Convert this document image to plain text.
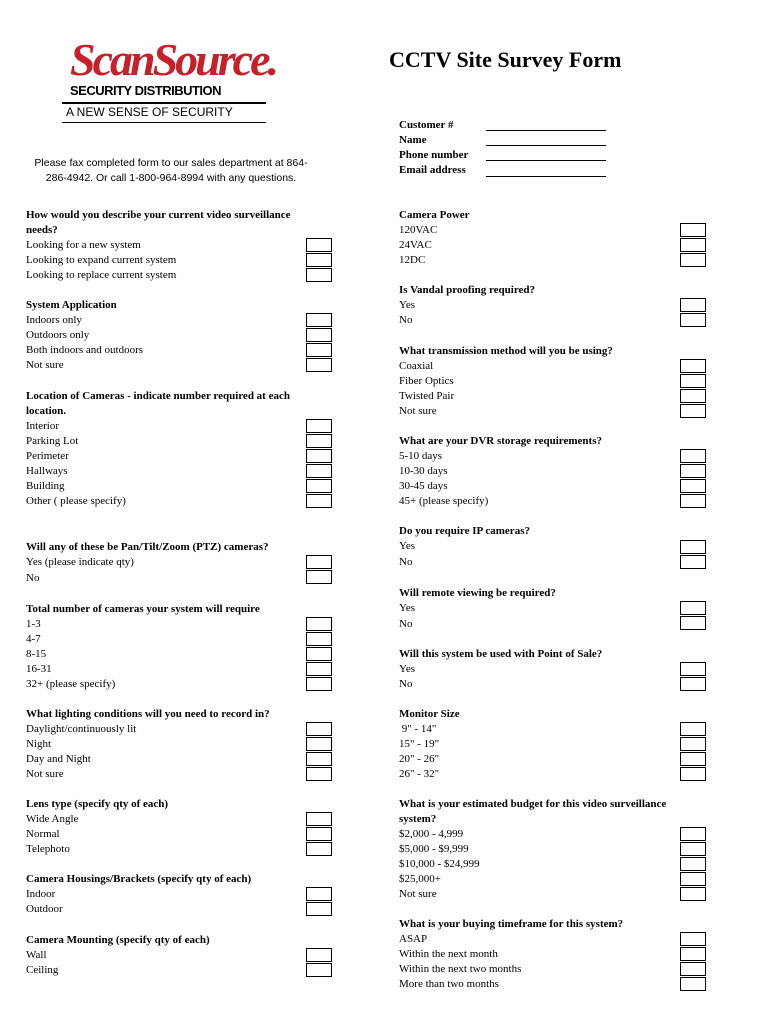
ScanSource.
SECURITY DISTRIBUTION
A NEW SENSE OF SECURITY
CCTV Site Survey Form
Please fax completed form to our sales department at 864-286-4942. Or call 1-800-964-8994 with any questions.
Customer #
Name
Phone number
Email address
How would you describe your current video surveillance
needs?
Looking for a new system
Looking to expand current system
Looking to replace current system
System Application
Indoors only
Outdoors only
Both indoors and outdoors
Not sure
Location of Cameras - indicate number required at each
location.
Interior
Parking Lot
Perimeter
Hallways
Building
Other ( please specify)
Will any of these be Pan/Tilt/Zoom (PTZ) cameras?
Yes (please indicate qty)
No
Total number of cameras your system will require
1-3
4-7
8-15
16-31
32+ (please specify)
What lighting conditions will you need to record in?
Daylight/continuously lit
Night
Day and Night
Not sure
Lens type (specify qty of each)
Wide Angle
Normal
Telephoto
Camera Housings/Brackets (specify qty of each)
Indoor
Outdoor
Camera Mounting (specify qty of each)
Wall
Ceiling
Camera Power
120VAC
24VAC
12DC
Is Vandal proofing required?
Yes
No
What transmission method will you be using?
Coaxial
Fiber Optics
Twisted Pair
Not sure
What are your DVR storage requirements?
5-10 days
10-30 days
30-45 days
45+ (please specify)
Do you require IP cameras?
Yes
No
Will remote viewing be required?
Yes
No
Will this system be used with Point of Sale?
Yes
No
Monitor Size
9" - 14"
15" - 19"
20" - 26"
26" - 32"
What is your estimated budget for this video surveillance
system?
$2,000 - 4,999
$5,000 - $9,999
$10,000 - $24,999
$25,000+
Not sure
What is your buying timeframe for this system?
ASAP
Within the next month
Within the next two months
More than two months
